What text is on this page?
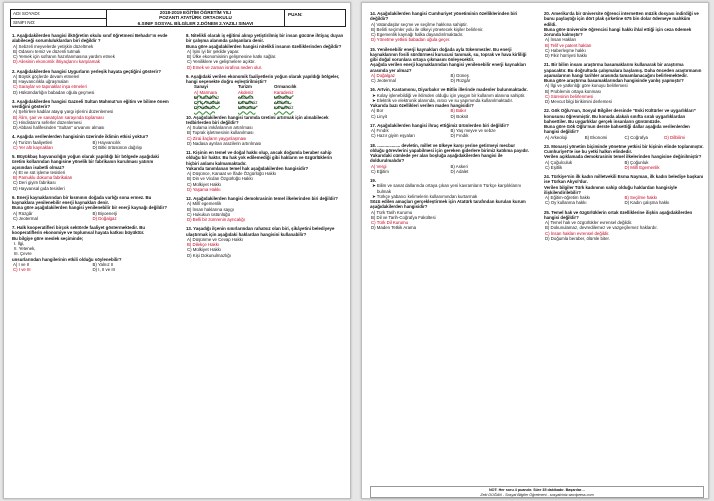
ADI SOYADI:
SINIFI NO:
2018-2019 EĞİTİM ÖĞRETİM YILI
POZANTI ATATÜRK ORTAOKULU
6.SINIF SOSYAL BİLGİLER 2.DÖNEM 2.YAZILI SINAVI
PUAN:
1. Aşağıdakilerden hangisi ilköğretim okulu sınıf öğretmeni Behadır’ın evde alabileceği sorumluluklardan biri değildir ?
A) Sebzeli meyvelerde yetişkin düzeltmek
B) Odasını temiz ve düzenli tutmak
C) Yemek için sofranın hazırlanmasına yardım etmek
D) Ailesinin ekonomik ihtiyaçlarını karşılamak
2. Aşağıdakilerden hangisi Uygurların yerleşik hayata geçtiğini gösterir?
A) Büyük göçlerde devam etmeleri
B) Hayvancılıkla uğraşmaları
C) Saraylar ve tapınaklar inşa etmeleri
D) Hükümdarlığın babadan oğula geçmesi
3. Aşağıdakilerden hangisi Gazneli Sultan Mahmut’un eğitim ve bilime önem verdiğini gösterir?
A) Şehirlere kadılar atayıp yargı işlerini düzenlemesi
B) Âlim, şair ve sanatçıları sarayında toplaması
C) Hindistan’a seferler düzenlemesi
D) Abbasi halifesinden “Sultan” unvanını alması
4. Aşağıda verilenlerden hangisinin üzerinde iklimin etkisi yoktur?
A) Turizm faaliyetleri	B) Hayvancılık
C) Yer altı kaynakları	D) Bitki örtüsünün dağılışı
5. Büyükbaş hayvancılığın yoğun olarak yapıldığı bir bölgede aşağıdaki üretim kollarından hangisine yönelik bir fabrikanın kurulması yatırım açısından isabetli olmaz?
A) Et ve süt işleme tesisleri
B) Pamuklu dokuma fabrikaları
C) Deri giyim fabrikası
D) Hayvansal gıda tesisleri
6. Enerji kaynaklarından bir kısmının doğada varlığı sona ermez. Bu kaynaklara yenilenebilir enerji kaynakları denir.
Buna göre aşağıdakilerden hangisi yenilenebilir bir enerji kaynağı değildir?
A) Rüzgâr	B) Biyoenerji
C) Jeotermal	D) Doğalgaz
7. Halk kooperatifleri birçok sektörde faaliyet göstermektedir. Bu kooperatiflerin ekonomiye ve toplumsal hayata katkısı büyüktür.
Bu bilgiye göre meslek seçiminde;
I. İlgi,
II. Yetenek,
III. Çevre
unsurlarından hangilerinin etkili olduğu söylenebilir?
A) I ve II	B) Yalnız II
C) I ve III	D) I, II ve III
8. Nitelikli olarak iş eğitimi alınıp yetiştirilmiş bir insan gücüne ihtiyaç duyan bir çalışma alanında çalışanlara denir.
Buna göre aşağıdakilerden hangisi nitelikli insanın özelliklerinden değildir?
A) İşini iyi bir şekilde yapar.
B) Ülke ekonomisinin gelişmesine katkı sağlar.
C) Yeniliklere ve gelişmelere açıktır.
D) Emek ve zaman israfına neden olur.
9. Aşağıdaki verilen ekonomik faaliyetlerin yoğun olarak yapıldığı bölgeler, hangi seçenekte doğru eşleştirilmiştir?
Sanayi	Turizm	Ormancılık
A) Marmara	Akdeniz	Karadeniz
B) Karadeniz	Akdeniz	Marmara
C) İç Anadolu	Karadeniz	Akdeniz
D) Akdeniz	Marmara	Karadeniz
10. Aşağıdakilerden hangisi tarımda üretimi artırmak için alınabilecek tedbirlerden biri değildir?
A) Sulama imkânlarının artırılması
B) Toprak işletmesinin kullanılması
C) Zirai ilaçların yaygınlaşması
D) Nadasa ayrılan arazilerin artırılması
11. Kişinin en temel ve doğal hakkı olup, ancak doğumla beraber sahip olduğu bir haktır. Bu hak yok edilemediği gibi hakların ve özgürlüklerin hiçbiri anlamı kalmamaktadır.
Yukarıda tanımlanan temel hak aşağıdakilerden hangisidir?
A) Düşünce, Kanaat ve İfade Özgürlüğü Hakkı
B) Din ve Vicdan Özgürlüğü Hakkı
C) Mülkiyet Hakkı
D) Yaşama Hakkı
12. Aşağıdakilerden hangisi demokrasinin temel ilkelerinden biri değildir?
A) Millî egemenlik
B) İnsan haklarına saygı
C) Hukukun üstünlüğü
D) Belli bir zümrenin ayrıcalığı
13. Yaşadığı ilçenin sınırlarından rahatsız olan biri, şikâyetini belediyeye ulaştırmak için aşağıdaki haklardan hangisini kullanabilir?
A) Düşünme ve Cevap Hakkı
B) Dilekçe Hakkı
C) Mülkiyet Hakkı
D) Kişi Dokunulmazlığı
14. Aşağıdakilerden hangisi Cumhuriyet yönetiminin özelliklerinden biri değildir?
A) Vatandaşlar seçme ve seçilme hakkına sahiptir.
B) Belirli seçimler yolu ile ülkeyi yönetecek kişiler belirlenir.
C) Egemenlik kaynağı halka dayandırılmaktadır.
D) Yönetme yetkisi babadan oğula geçer.
15. Yenilenebilir enerji kaynakları doğada ayla tükenmezler. Bu enerji kaynaklarının fosili sürdürmesi kurucusi tanımak, su, toprak ve hava kirliliği gibi doğal sorunlara ortaya çıkmasını önleyecektir.
Aşağıda verilen enerji kaynaklarından hangisi yenilenebilir enerji kaynakları arasında yer almaz?
A) Doğalgaz	B) Güneş
C) Jeotermal	D) Rüzgâr
16. Artvin, Kastamonu, Diyarbakır ve Bitlis illerinde madenler bulunmaktadır.
➤ Kolay işlenebildiği ve iklimden olduğu için yaygın bir kullanım alanına sahiptir.
➤ Elektrik ve elektronik alanında, ısıtıcı ve su yapımında kullanılmaktadır.
Yukarıda bazı özellikleri verilen maden hangisidir?
A) Bor	B) Bakır
C) Linyit	D) Boksit
17. Aşağıdakilerden hangisi ihraç ettiğimiz ürünlerden biri değildir?
A) Fındık	B) Yaş meyve ve sebze
C) Hazır giyim eşyaları	D) Fındık
18. ................... devletin, millet ve ülkeye karşı yerine getirmeyi mecbur olduğu görevlerini yapabilmesi için gereken giderlere birimiz katılıma payıdır.
Yukarıdaki cümlede yer alan boşluğa aşağıdakilerden hangisi ile doldurulmalıdır?
A) Vergi	B) Askeri
C) Eğitim	D) Adalet
19.
➤ Bilim ve sanat dallarında ortaya çıkan yeni kavramların Türkçe karşılıklarını bulmak
➤ Türkçe yabancı kelimelerin kullanımından kurtarmak
Sözü edilen amaçları gerçekleştirmek için Atatürk tarafından kurulan kurum aşağıdakilerden hangisidir?
A) Türk Tarih Kurumu
B) Dil ve Tarih-Coğrafya Fakültesi
C) Türk Dil Kurumu
D) Maden Tetkik Arama
20. Amerika’da bir üniversite öğrenci internetten müzik dosyası indirdiği ve bunu paylaştığı için dört plak şirketine 675 bin dolar ödemeye mahkûm edildi.
Buna göre üniversite öğrencisi hangi hakkı ihlal ettiği için ceza ödemek zorunda kalmıştır?
A) İnsan Hakları
B) Telif ve patent hakları
C) Haberleşme hakkı
D) Fikir hürriyeti hakkı
21. Bir bilim insanı araştırma basamaklarını kullanarak bir araştırma yapacaktır. Bu doğrultuda çalışmalara başlamış. Daha önceden araştırmanın aşamalarının hangi tarihler arasında tamamlanacağını belirlemektedir.
Buna göre araştırma basamaklarından hangisinde yanlış yapmıştır?
A) İlgi ve yatkınlığı göre konuyu belirlemesi
B) Problemin ortaya konması
C) Süresinin belirlenmesi
D) Mevcut bilgi birikimini derlemesi
22. Gök Oğlu’nun, Sosyal Bilgiler dersinde “Eski Kültürler ve uygarlıkları” konusunu öğrenmiştir. Bu konuda alakalı sınıfta sıralı uygarlıklardan bahsettiler. Bu uygarlıklar gerçek insanların günümüzde.
Buna göre Gök Oğlu’nun derste bahsettiği dallar aşağıda verilenlerden hangisi değildir?
A) Arkeoloji	B) Ekonomi	C) Coğrafya	D) Dilbilimi
23. Monarşi yönetim biçiminde yönetme yetkisi bir kişinin elinde toplanmıştır. Cumhuriyet’te ise bu yetki halkın elindedir.
Verilen açıklamada demokrasinin temel ilkelerinden hangisine değinilmiştir?
A) Çoğulculuk	B) Çoğunluk
C) Eşitlik	D) Millî Egemenlik
24. Türkiye’nin ilk kadın milletvekili Esma Nayman, ilk kadın belediye başkanı ise Türkan Akyol’dur.
Verilen bilgiler Türk kadınının sahip olduğu haklardan hangisiyle ilişkilendirilebilir?
A) Eğitim-öğretim hakkı	B) Seçilme hakkı
C) Oy kullanma hakkı	D) Kadın çalışma hakkı
25. Temel hak ve özgürlüklerin ortak özelliklerine ilişkin aşağıdakilerden hangisi değildir?
A) Temel hak ve özgürlükler evrensel değildir.
B) Dokunulamaz, devredilemez ve vazgeçilemez haklardır.
C) İnsan hakları evrensel değildir.
D) Doğumla beraber, ölümle biter.
NOT: Her soru 4 puandır. Süre 35 dakikadır. Başarılar…
Zeki DOĞAN - Sosyal Bilgiler Öğretmeni - sosyalciniz.wordpress.com
